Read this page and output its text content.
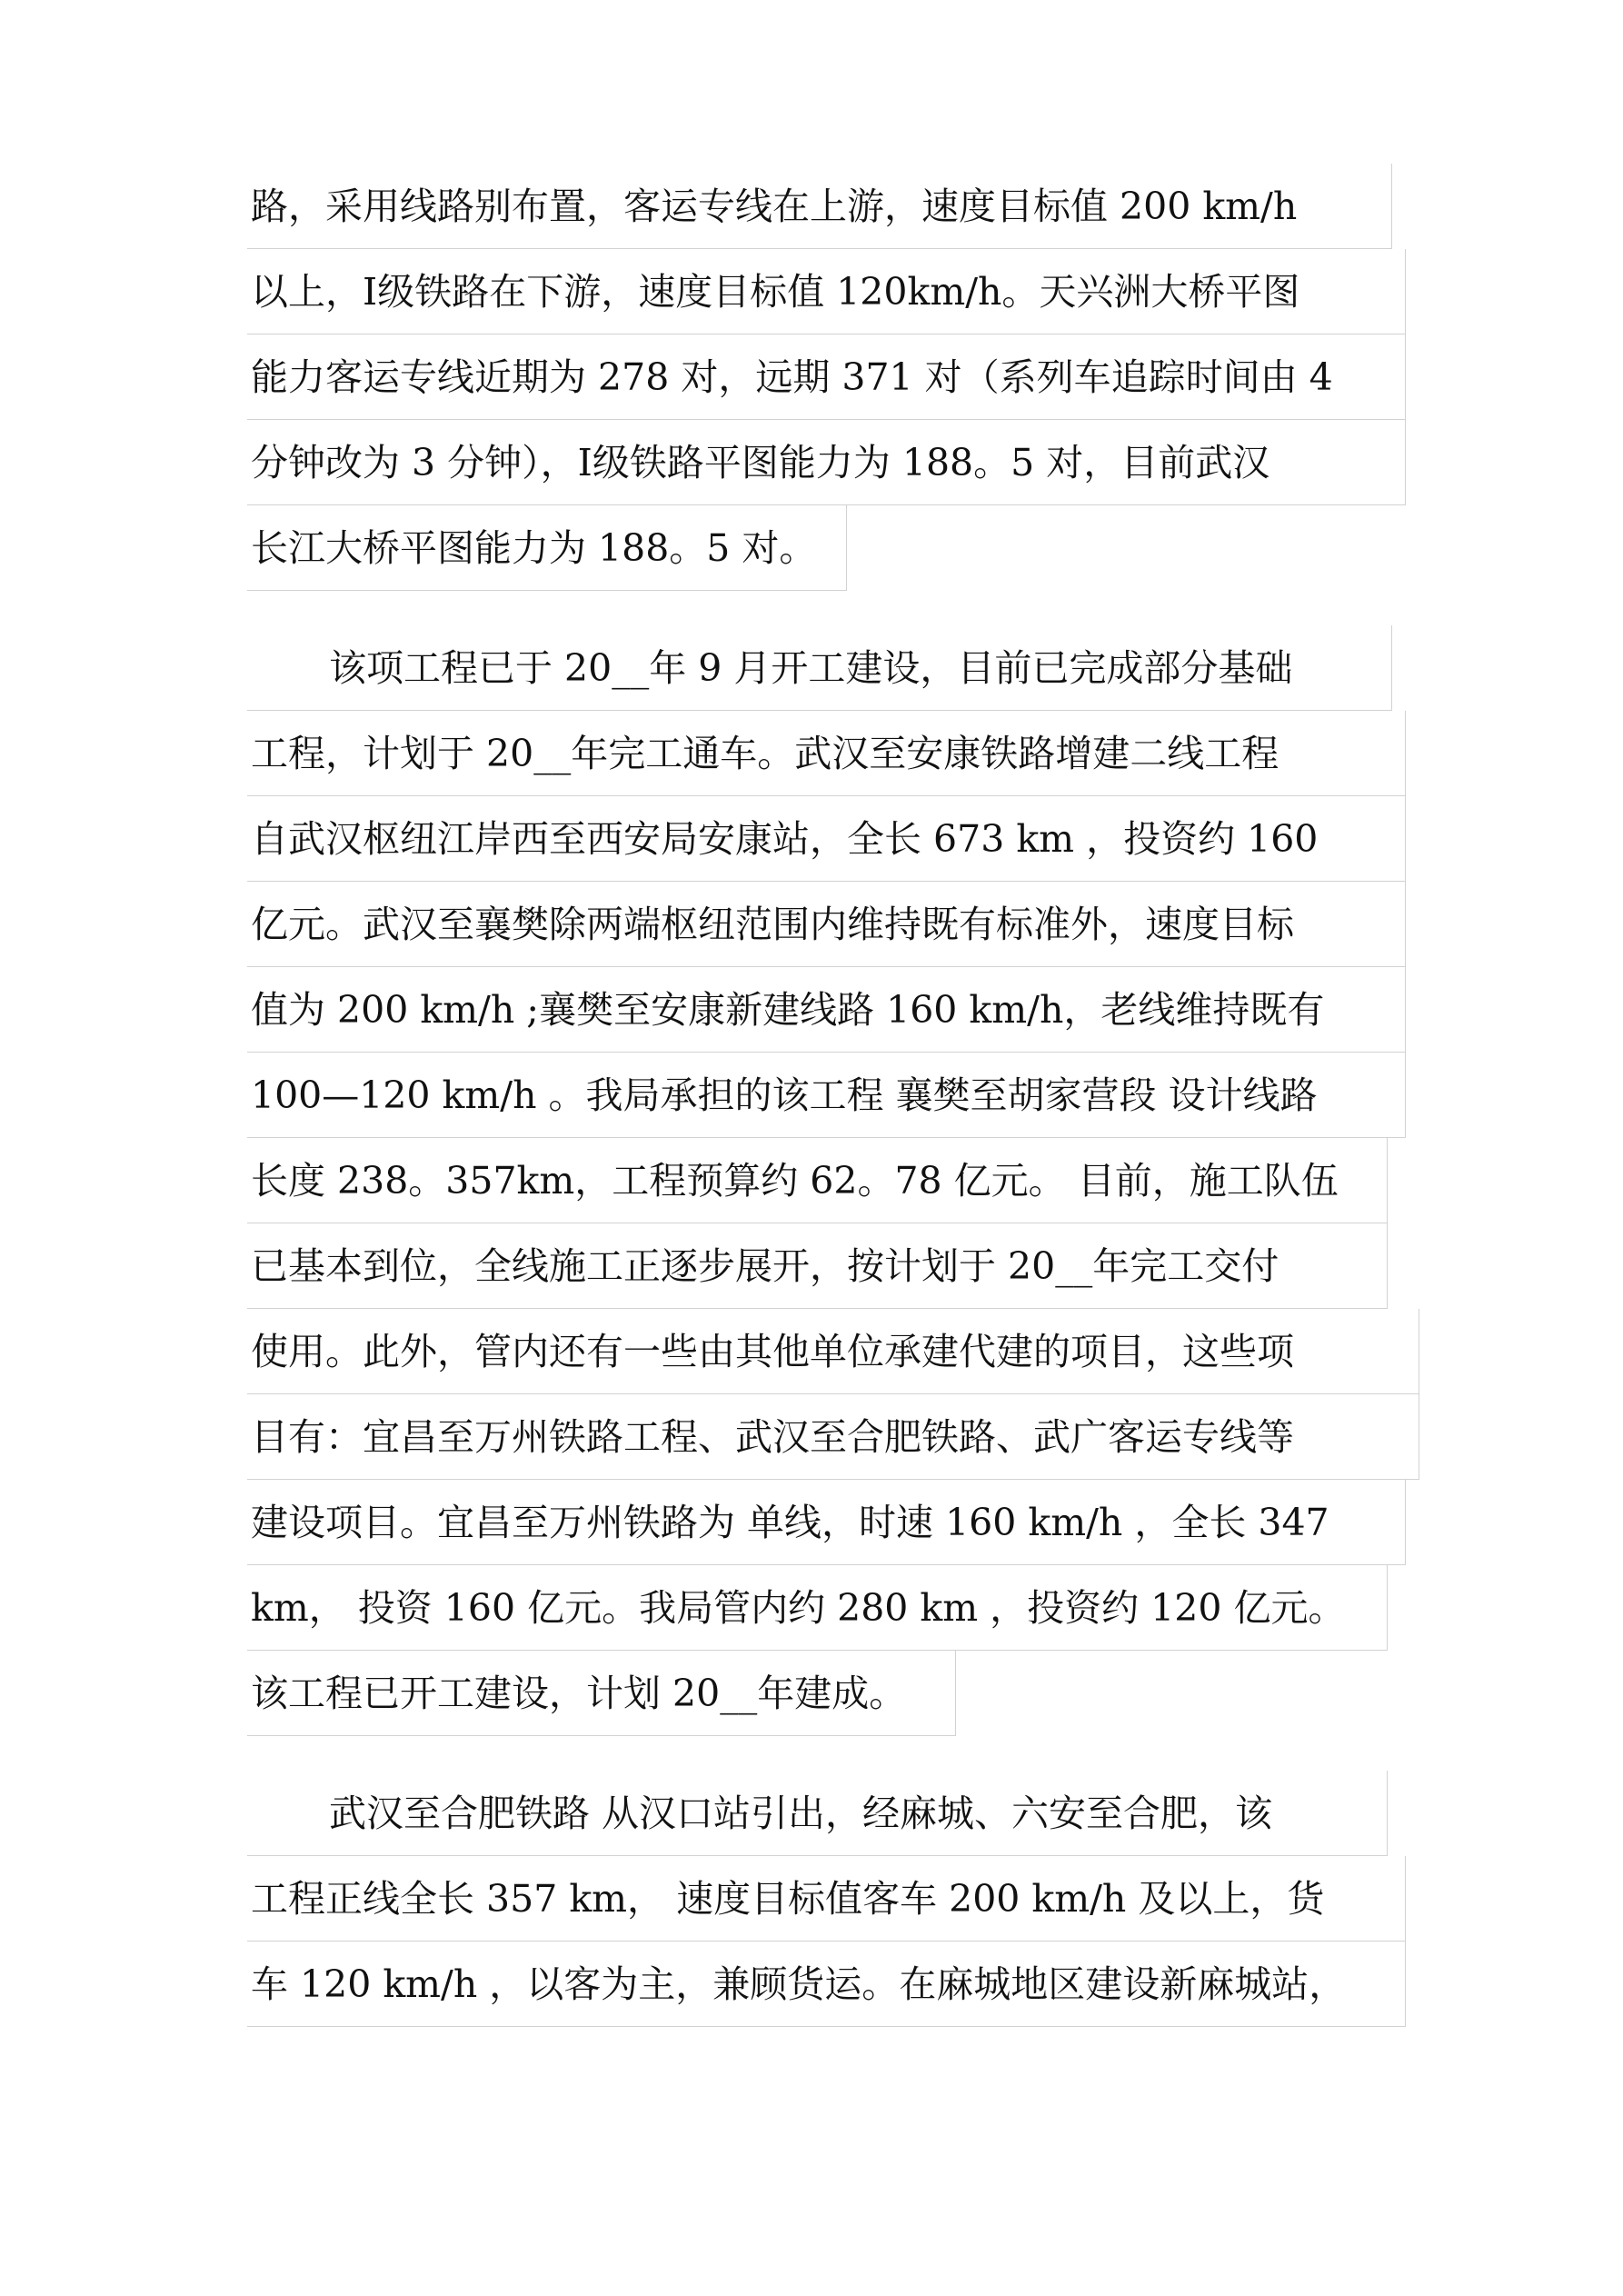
路，采用线路别布置，客运专线在上游，速度目标值 200 km/h
以上，Ⅰ级铁路在下游，速度目标值 120km/h。天兴洲大桥平图
能力客运专线近期为 278 对，远期 371 对（系列车追踪时间由 4
分钟改为 3 分钟），Ⅰ级铁路平图能力为 188。5 对，目前武汉
长江大桥平图能力为 188。5 对。
该项工程已于 20__年 9 月开工建设，目前已完成部分基础
工程，计划于 20__年完工通车。武汉至安康铁路增建二线工程
自武汉枢纽江岸西至西安局安康站，全长 673 km ，投资约 160
亿元。武汉至襄樊除两端枢纽范围内维持既有标准外，速度目标
值为 200 km/h ;襄樊至安康新建线路 160 km/h，老线维持既有
100—120 km/h 。我局承担的该工程 襄樊至胡家营段 设计线路
长度 238。357km，工程预算约 62。78 亿元。 目前，施工队伍
已基本到位，全线施工正逐步展开，按计划于 20__年完工交付
使用。此外，管内还有一些由其他单位承建代建的项目，这些项
目有：宜昌至万州铁路工程、武汉至合肥铁路、武广客运专线等
建设项目。宜昌至万州铁路为 单线，时速 160 km/h ，全长 347
km， 投资 160 亿元。我局管内约 280 km ，投资约 120 亿元。
该工程已开工建设，计划 20__年建成。
武汉至合肥铁路 从汉口站引出，经麻城、六安至合肥，该
工程正线全长 357 km， 速度目标值客车 200 km/h 及以上，货
车 120 km/h ，以客为主，兼顾货运。在麻城地区建设新麻城站，
